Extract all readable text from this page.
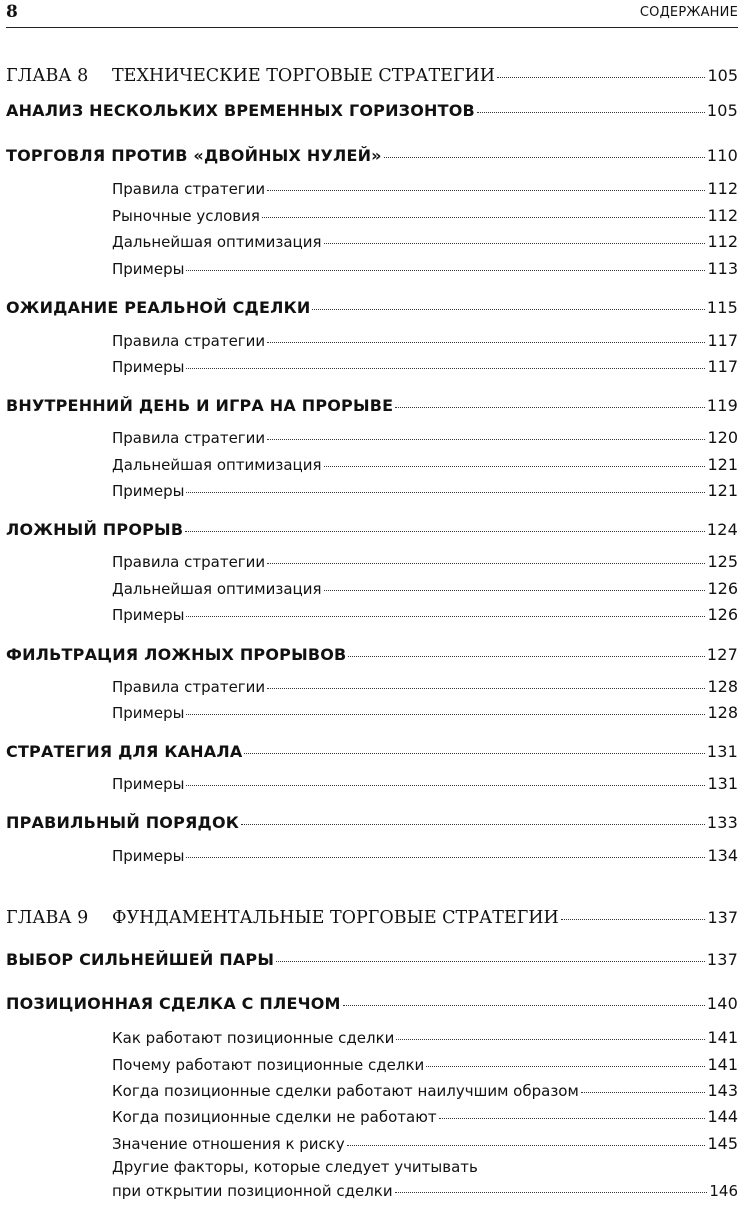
8	СОДЕРЖАНИЕ
ГЛАВА 8 ТЕХНИЧЕСКИЕ ТОРГОВЫЕ СТРАТЕГИИ	105
АНАЛИЗ НЕСКОЛЬКИХ ВРЕМЕННЫХ ГОРИЗОНТОВ	105
ТОРГОВЛЯ ПРОТИВ «ДВОЙНЫХ НУЛЕЙ»	110
Правила стратегии	112
Рыночные условия	112
Дальнейшая оптимизация	112
Примеры	113
ОЖИДАНИЕ РЕАЛЬНОЙ СДЕЛКИ	115
Правила стратегии	117
Примеры	117
ВНУТРЕННИЙ ДЕНЬ И ИГРА НА ПРОРЫВЕ	119
Правила стратегии	120
Дальнейшая оптимизация	121
Примеры	121
ЛОЖНЫЙ ПРОРЫВ	124
Правила стратегии	125
Дальнейшая оптимизация	126
Примеры	126
ФИЛЬТРАЦИЯ ЛОЖНЫХ ПРОРЫВОВ	127
Правила стратегии	128
Примеры	128
СТРАТЕГИЯ ДЛЯ КАНАЛА	131
Примеры	131
ПРАВИЛЬНЫЙ ПОРЯДОК	133
Примеры	134
ГЛАВА 9 ФУНДАМЕНТАЛЬНЫЕ ТОРГОВЫЕ СТРАТЕГИИ	137
ВЫБОР СИЛЬНЕЙШЕЙ ПАРЫ	137
ПОЗИЦИОННАЯ СДЕЛКА С ПЛЕЧОМ	140
Как работают позиционные сделки	141
Почему работают позиционные сделки	141
Когда позиционные сделки работают наилучшим образом	143
Когда позиционные сделки не работают	144
Значение отношения к риску	145
Другие факторы, которые следует учитывать
при открытии позиционной сделки	146
